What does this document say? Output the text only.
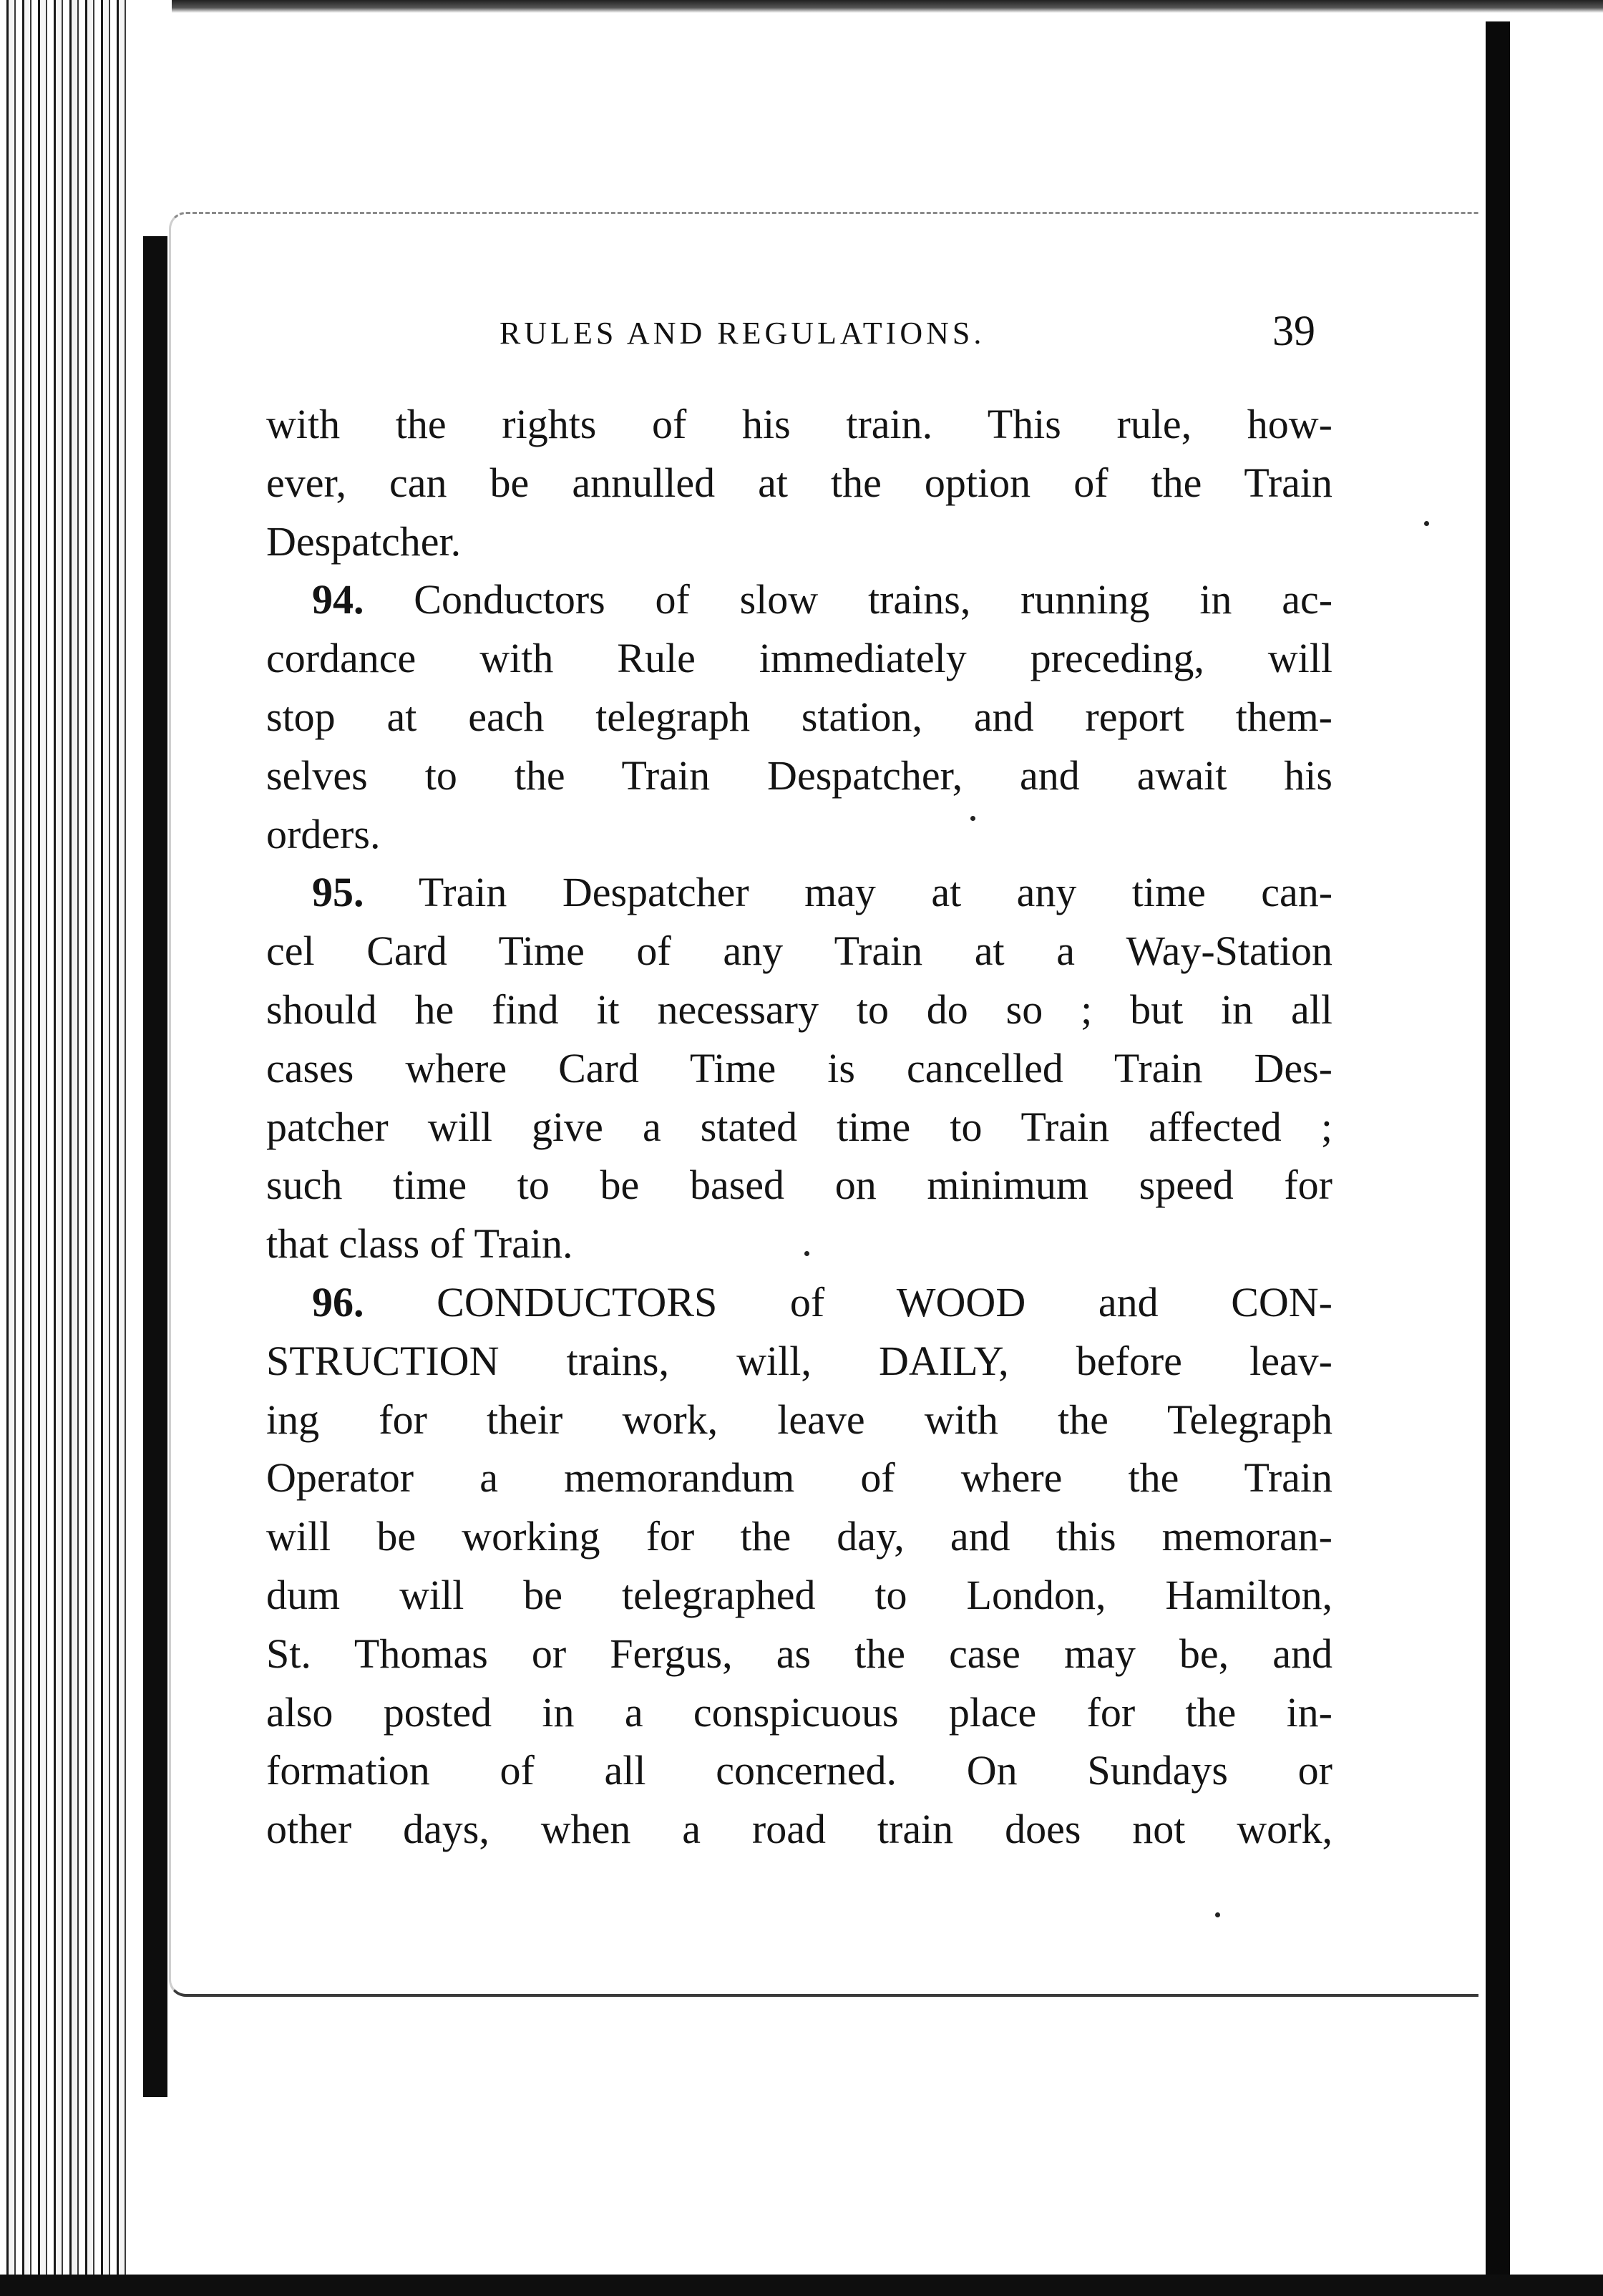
RULES AND REGULATIONS.	39
with the rights of his train. This rule, how-
ever, can be annulled at the option of the Train
Despatcher.
94. Conductors of slow trains, running in ac-
cordance with Rule immediately preceding, will
stop at each telegraph station, and report them-
selves to the Train Despatcher, and await his
orders.
95. Train Despatcher may at any time can-
cel Card Time of any Train at a Way-Station
should he find it necessary to do so ; but in all
cases where Card Time is cancelled Train Des-
patcher will give a stated time to Train affected ;
such time to be based on minimum speed for
that class of Train.
96. CONDUCTORS of WOOD and CON-
STRUCTION trains, will, DAILY, before leav-
ing for their work, leave with the Telegraph
Operator a memorandum of where the Train
will be working for the day, and this memoran-
dum will be telegraphed to London, Hamilton,
St. Thomas or Fergus, as the case may be, and
also posted in a conspicuous place for the in-
formation of all concerned. On Sundays or
other days, when a road train does not work,
